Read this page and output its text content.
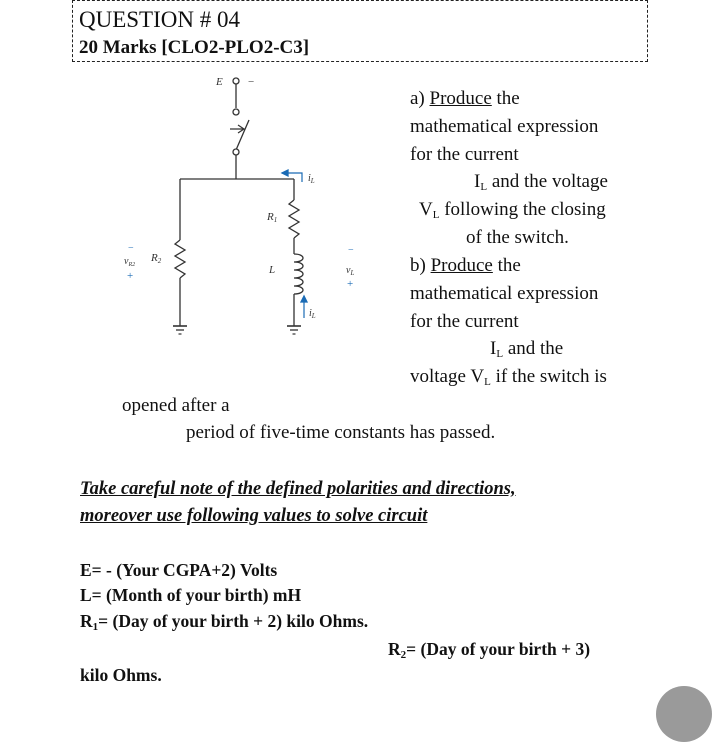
QUESTION # 04
20 Marks [CLO2-PLO2-C3]
E −
$i_L$
$i_L$
R1
L
R2
−
$v_{R2}$
+
−
$v_L$
+
a) Produce the
mathematical expression
for the current
$I_L$ and the voltage
$V_L$ following the closing
of the switch.
b) Produce the
mathematical expression
for the current
$I_L$ and the
voltage $V_L$ if the switch is
opened after a
period of five-time constants has passed.
Take careful note of the defined polarities and directions,
moreover use following values to solve circuit
E= - (Your CGPA+2) Volts
L= (Month of your birth) mH
$R_1= (Day$ of your birth + 2) kilo Ohms.
$R_2= (Day$ of your birth + 3)
kilo Ohms.
